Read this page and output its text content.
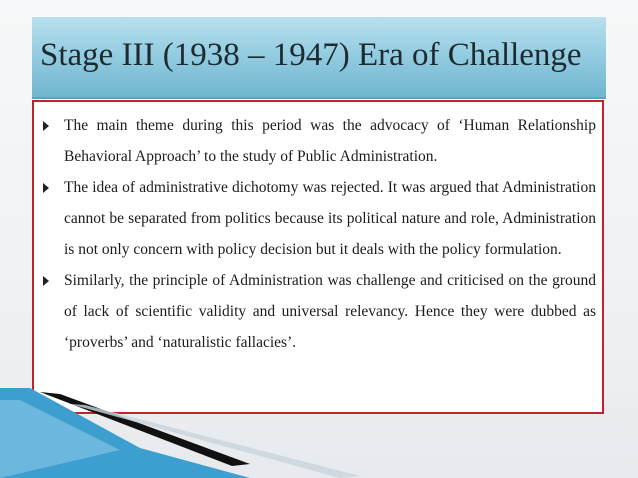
Stage III (1938 – 1947) Era of Challenge
The main theme during this period was the advocacy of ‘Human Relationship Behavioral Approach’ to the study of Public Administration.
The idea of administrative dichotomy was rejected. It was argued that Administration cannot be separated from politics because its political nature and role, Administration is not only concern with policy decision but it deals with the policy formulation.
Similarly, the principle of Administration was challenge and criticised on the ground of lack of scientific validity and universal relevancy. Hence they were dubbed as ‘proverbs’ and ‘naturalistic fallacies’.
